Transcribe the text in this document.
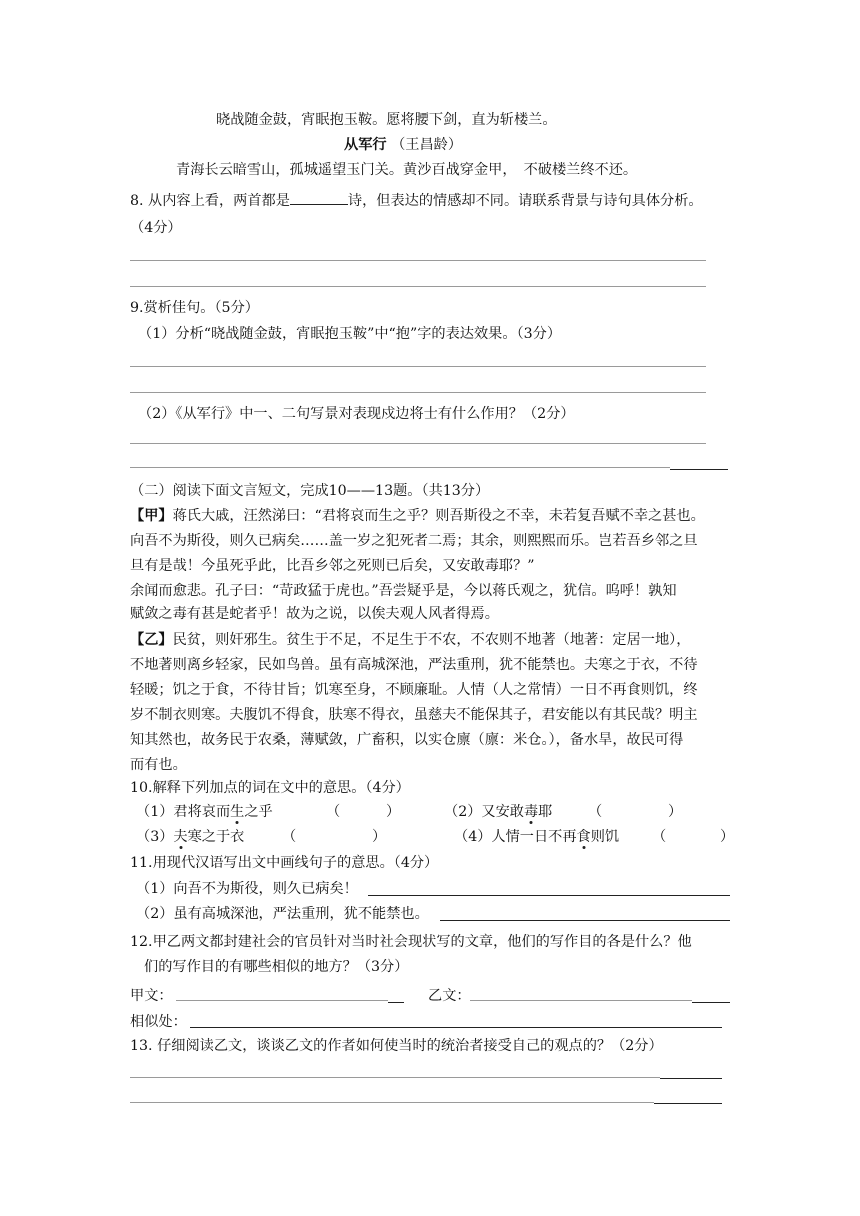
晓战随金鼓，宵眠抱玉鞍。愿将腰下剑，直为斩楼兰。
从军行 （王昌龄）
青海长云暗雪山，孤城遥望玉门关。黄沙百战穿金甲，　不破楼兰终不还。
8. 从内容上看，两首都是	诗，但表达的情感却不同。请联系背景与诗句具体分析。
（4分）
9.赏析佳句。（5分）
（1）分析“晓战随金鼓，宵眠抱玉鞍”中“抱”字的表达效果。（3分）
（2）《从军行》中一、二句写景对表现戍边将士有什么作用？（2分）
（二）阅读下面文言短文，完成10——13题。（共13分）
【甲】蒋氏大戚，汪然涕曰：“君将哀而生之乎？则吾斯役之不幸，未若复吾赋不幸之甚也。
向吾不为斯役，则久已病矣……盖一岁之犯死者二焉；其余，则熙熙而乐。岂若吾乡邻之旦
旦有是哉！今虽死乎此，比吾乡邻之死则已后矣，又安敢毒耶？”
余闻而愈悲。孔子曰：“苛政猛于虎也。”吾尝疑乎是，今以蒋氏观之，犹信。呜呼！孰知
赋敛之毒有甚是蛇者乎！故为之说，以俟夫观人风者得焉。
【乙】民贫，则奸邪生。贫生于不足，不足生于不农，不农则不地著（地著：定居一地），
不地著则离乡轻家，民如鸟兽。虽有高城深池，严法重刑，犹不能禁也。夫寒之于衣，不待
轻暖；饥之于食，不待甘旨；饥寒至身，不顾廉耻。人情（人之常情）一日不再食则饥，终
岁不制衣则寒。夫腹饥不得食，肤寒不得衣，虽慈夫不能保其子，君安能以有其民哉？明主
知其然也，故务民于农桑，薄赋敛，广畜积，以实仓廪（廪：米仓。），备水旱，故民可得
而有也。
10.解释下列加点的词在文中的意思。（4分）
（1）君将哀而生之乎	（	）	（2）又安敢毒耶	（	）
（3）夫寒之于衣	（	）	（4）人情一日不再食则饥 （	）
11.用现代汉语写出文中画线句子的意思。（4分）
（1）向吾不为斯役，则久已病矣！
（2）虽有高城深池，严法重刑，犹不能禁也。
12.甲乙两文都封建社会的官员针对当时社会现状写的文章，他们的写作目的各是什么？他
们的写作目的有哪些相似的地方？（3分）
甲文：	乙文：
相似处：
13. 仔细阅读乙文，谈谈乙文的作者如何使当时的统治者接受自己的观点的？（2分）
